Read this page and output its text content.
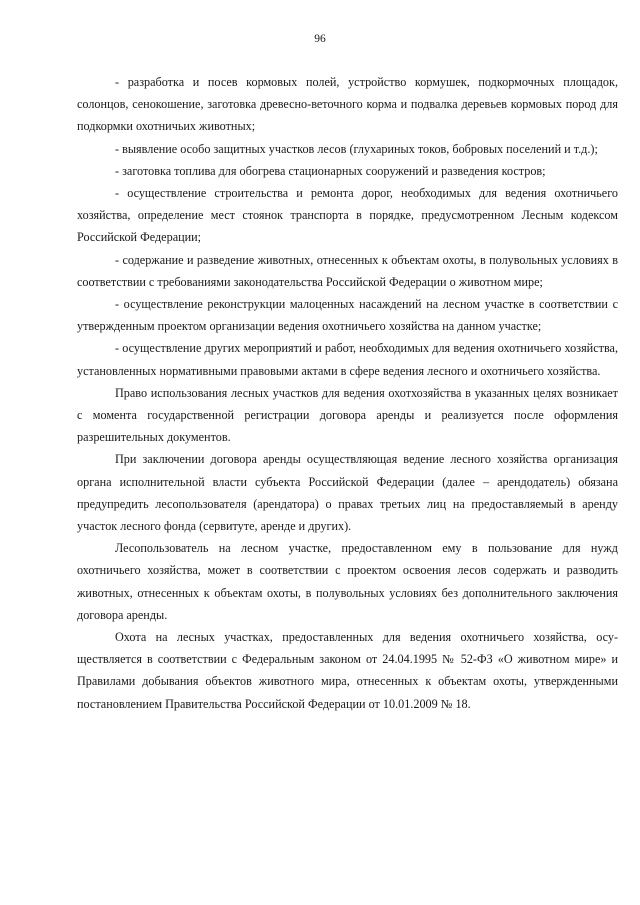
96

- разработка и посев кормовых полей, устройство кормушек, подкормочных площадок, солонцов, сенокошение, заготовка древесно-веточного корма и подвалка деревьев кормовых пород для подкормки охотничьих животных;

- выявление особо защитных участков лесов (глухариных токов, бобровых поселений и т.д.);

- заготовка топлива для обогрева стационарных сооружений и разведения костров;

- осуществление строительства и ремонта дорог, необходимых для ведения охотничьего хозяйства, определение мест стоянок транспорта в порядке, предусмотренном Лесным кодексом Российской Федерации;

- содержание и разведение животных, отнесенных к объектам охоты, в полувольных условиях в соответствии с требованиями законодательства Российской Федерации о животном мире;

- осуществление реконструкции малоценных насаждений на лесном участке в соответствии с утвержденным проектом организации ведения охотничьего хозяйства на данном участке;

- осуществление других мероприятий и работ, необходимых для ведения охотничьего хозяйства, установленных нормативными правовыми актами в сфере ведения лесного и охотничьего хозяйства.

Право использования лесных участков для ведения охотхозяйства в указанных целях возникает с момента государственной регистрации договора аренды и реализуется после оформления разрешительных документов.

При заключении договора аренды осуществляющая ведение лесного хозяйства организация органа исполнительной власти субъекта Российской Федерации (далее – арендодатель) обязана предупредить лесопользователя (арендатора) о правах третьих лиц на предоставляемый в аренду участок лесного фонда (сервитуте, аренде и других).

Лесопользователь на лесном участке, предоставленном ему в пользование для нужд охотничьего хозяйства, может в соответствии с проектом освоения лесов содержать и разводить животных, отнесенных к объектам охоты, в полувольных условиях без дополнительного заключения договора аренды.

Охота на лесных участках, предоставленных для ведения охотничьего хозяйства, осуществляется в соответствии с Федеральным законом от 24.04.1995 № 52-ФЗ «О животном мире» и Правилами добывания объектов животного мира, отнесенных к объектам охоты, утвержденными постановлением Правительства Российской Федерации от 10.01.2009 № 18.
